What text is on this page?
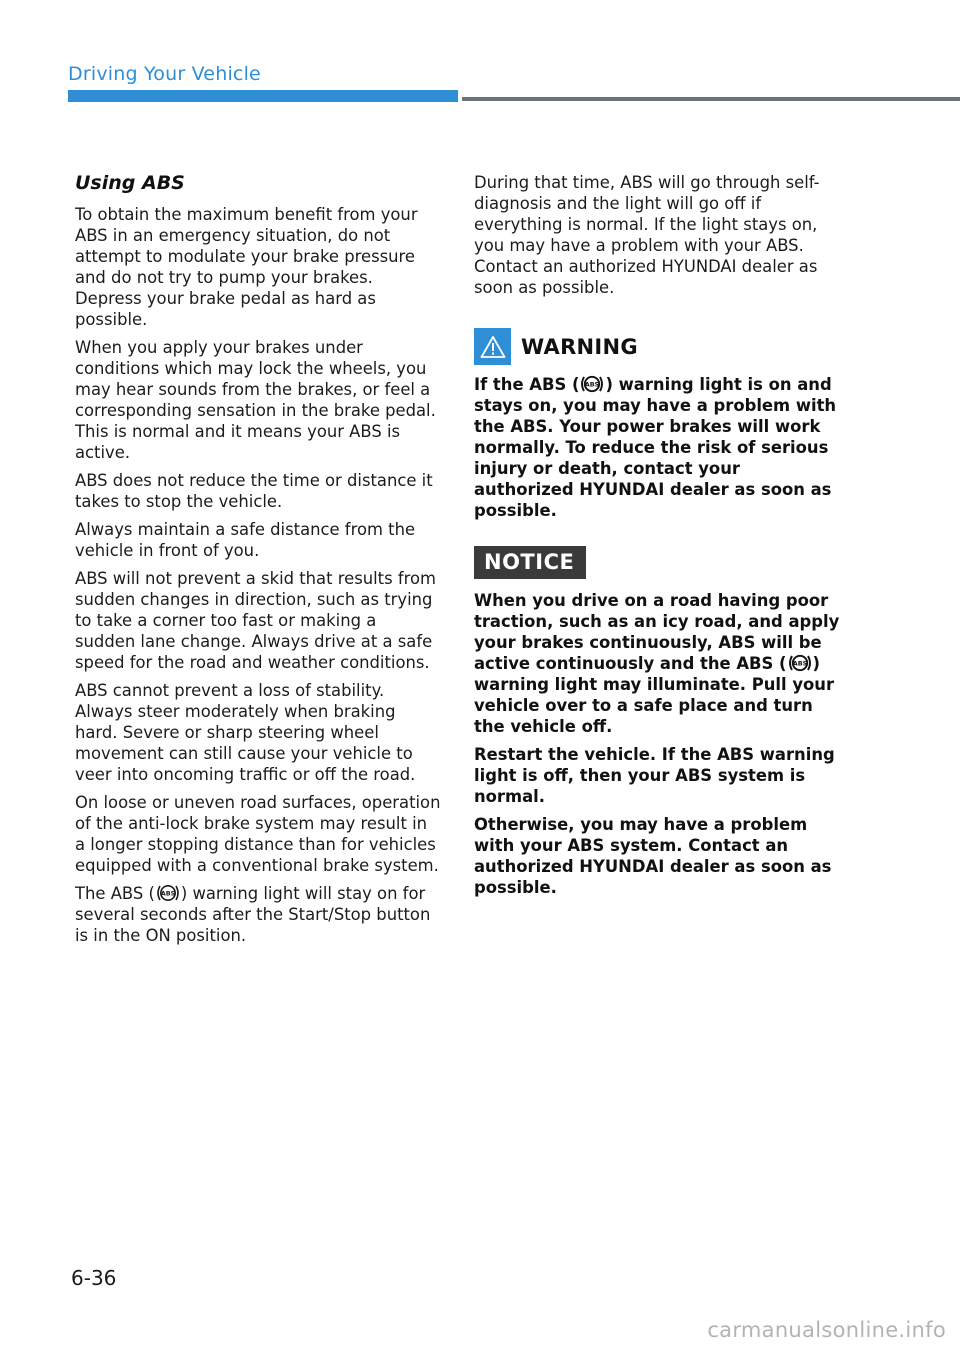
Driving Your Vehicle
Using ABS

To obtain the maximum benefit from your ABS in an emergency situation, do not attempt to modulate your brake pressure and do not try to pump your brakes. Depress your brake pedal as hard as possible.

When you apply your brakes under conditions which may lock the wheels, you may hear sounds from the brakes, or feel a corresponding sensation in the brake pedal. This is normal and it means your ABS is active.

ABS does not reduce the time or distance it takes to stop the vehicle.

Always maintain a safe distance from the vehicle in front of you.

ABS will not prevent a skid that results from sudden changes in direction, such as trying to take a corner too fast or making a sudden lane change. Always drive at a safe speed for the road and weather conditions.

ABS cannot prevent a loss of stability. Always steer moderately when braking hard. Severe or sharp steering wheel movement can still cause your vehicle to veer into oncoming traffic or off the road.

On loose or uneven road surfaces, operation of the anti-lock brake system may result in a longer stopping distance than for vehicles equipped with a conventional brake system.

The ABS ( ABS ) warning light will stay on for several seconds after the Start/Stop button is in the ON position.

During that time, ABS will go through self-diagnosis and the light will go off if everything is normal. If the light stays on, you may have a problem with your ABS. Contact an authorized HYUNDAI dealer as soon as possible.

WARNING

If the ABS ( ABS ) warning light is on and stays on, you may have a problem with the ABS. Your power brakes will work normally. To reduce the risk of serious injury or death, contact your authorized HYUNDAI dealer as soon as possible.

NOTICE

When you drive on a road having poor traction, such as an icy road, and apply your brakes continuously, ABS will be active continuously and the ABS ( ABS ) warning light may illuminate. Pull your vehicle over to a safe place and turn the vehicle off.

Restart the vehicle. If the ABS warning light is off, then your ABS system is normal.

Otherwise, you may have a problem with your ABS system. Contact an authorized HYUNDAI dealer as soon as possible.

6-36
carmanualsonline.info
